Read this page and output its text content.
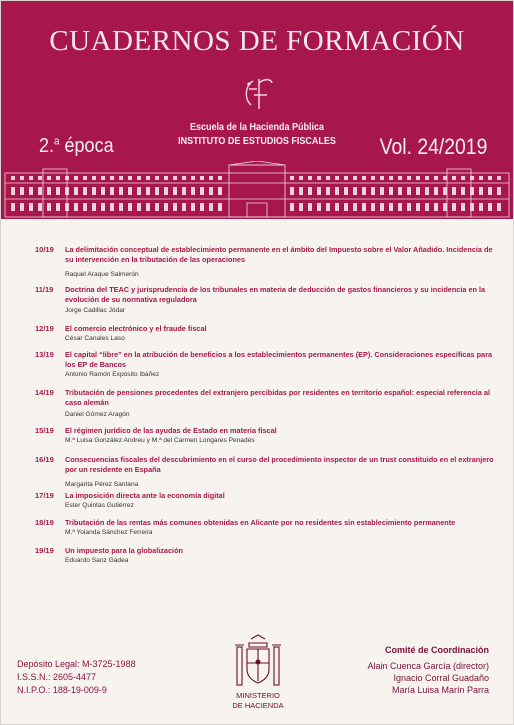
CUADERNOS DE FORMACIÓN
Escuela de la Hacienda Pública
INSTITUTO DE ESTUDIOS FISCALES
2.$^a$ época	Vol. 24/2019
10/19 La delimitación conceptual de establecimiento permanente en el ámbito del Impuesto sobre el Valor Añadido. Incidencia de su intervención en la tributación de las operaciones
Raquel Araque Salmerón
11/19 Doctrina del TEAC y jurisprudencia de los tribunales en materia de deducción de gastos financieros y su incidencia en la evolución de su normativa reguladora
Jorge Cadillac Jódar
12/19 El comercio electrónico y el fraude fiscal
César Canales Laso
13/19 El capital “libre” en la atribución de beneficios a los establecimientos permanentes (EP). Consideraciones específicas para los EP de Bancos
Antonio Ramón Expósito Ibáñez
14/19 Tributación de pensiones procedentes del extranjero percibidas por residentes en territorio español: especial referencia al caso alemán
Daniel Gómez Aragón
15/19 El régimen jurídico de las ayudas de Estado en materia fiscal
M.ª Luisa González Andreu y M.ª del Carmen Longares Penadés
16/19 Consecuencias fiscales del descubrimiento en el curso del procedimiento inspector de un trust constituido en el extranjero por un residente en España
Margarita Pérez Santana
17/19 La imposición directa ante la economía digital
Ester Quintas Gutiérrez
18/19 Tributación de las rentas más comunes obtenidas en Alicante por no residentes sin establecimiento permanente
M.ª Yolanda Sánchez Ferreira
19/19 Un impuesto para la globalización
Eduardo Sanz Gadea
Depósito Legal: M-3725-1988
I.S.S.N.: 2605-4477
N.I.P.O.: 188-19-009-9
MINISTERIO
DE HACIENDA
Comité de Coordinación
Alain Cuenca García (director)
Ignacio Corral Guadaño
María Luisa Marín Parra
